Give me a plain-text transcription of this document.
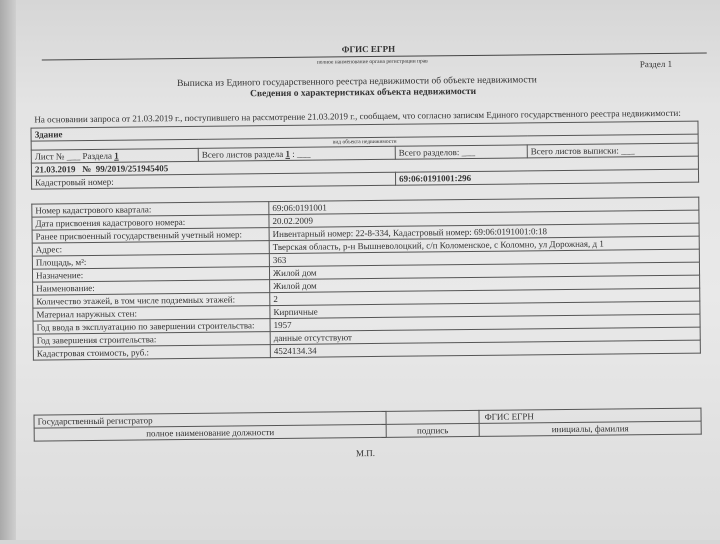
ФГИС ЕГРН
полное наименование органа регистрации прав	Раздел 1
Выписка из Единого государственного реестра недвижимости об объекте недвижимости
Сведения о характеристиках объекта недвижимости
На основании запроса от 21.03.2019 г., поступившего на рассмотрение 21.03.2019 г., сообщаем, что согласно записям Единого государственного реестра недвижимости:
Здание			
вид объекта недвижимости			
Лист № ___ Раздела 1	Всего листов раздела 1 : ___	Всего разделов: ___	Всего листов выписки: ___
21.03.2019 № 99/2019/251945405			
Кадастровый номер:		69:06:0191001:296	
Номер кадастрового квартала:	69:06:0191001
Дата присвоения кадастрового номера:	20.02.2009
Ранее присвоенный государственный учетный номер:	Инвентарный номер: 22-8-334, Кадастровый номер: 69:06:0191001:0:18
Адрес:	Тверская область, р-н Вышневолоцкий, с/п Коломенское, с Коломно, ул Дорожная, д 1
Площадь, м²:	363
Назначение:	Жилой дом
Наименование:	Жилой дом
Количество этажей, в том числе подземных этажей:	2
Материал наружных стен:	Кирпичные
Год ввода в эксплуатацию по завершении строительства:	1957
Год завершения строительства:	данные отсутствуют
Кадастровая стоимость, руб.:	4524134.34
Государственный регистратор		ФГИС ЕГРН
полное наименование должности	подпись	инициалы, фамилия
М.П.
